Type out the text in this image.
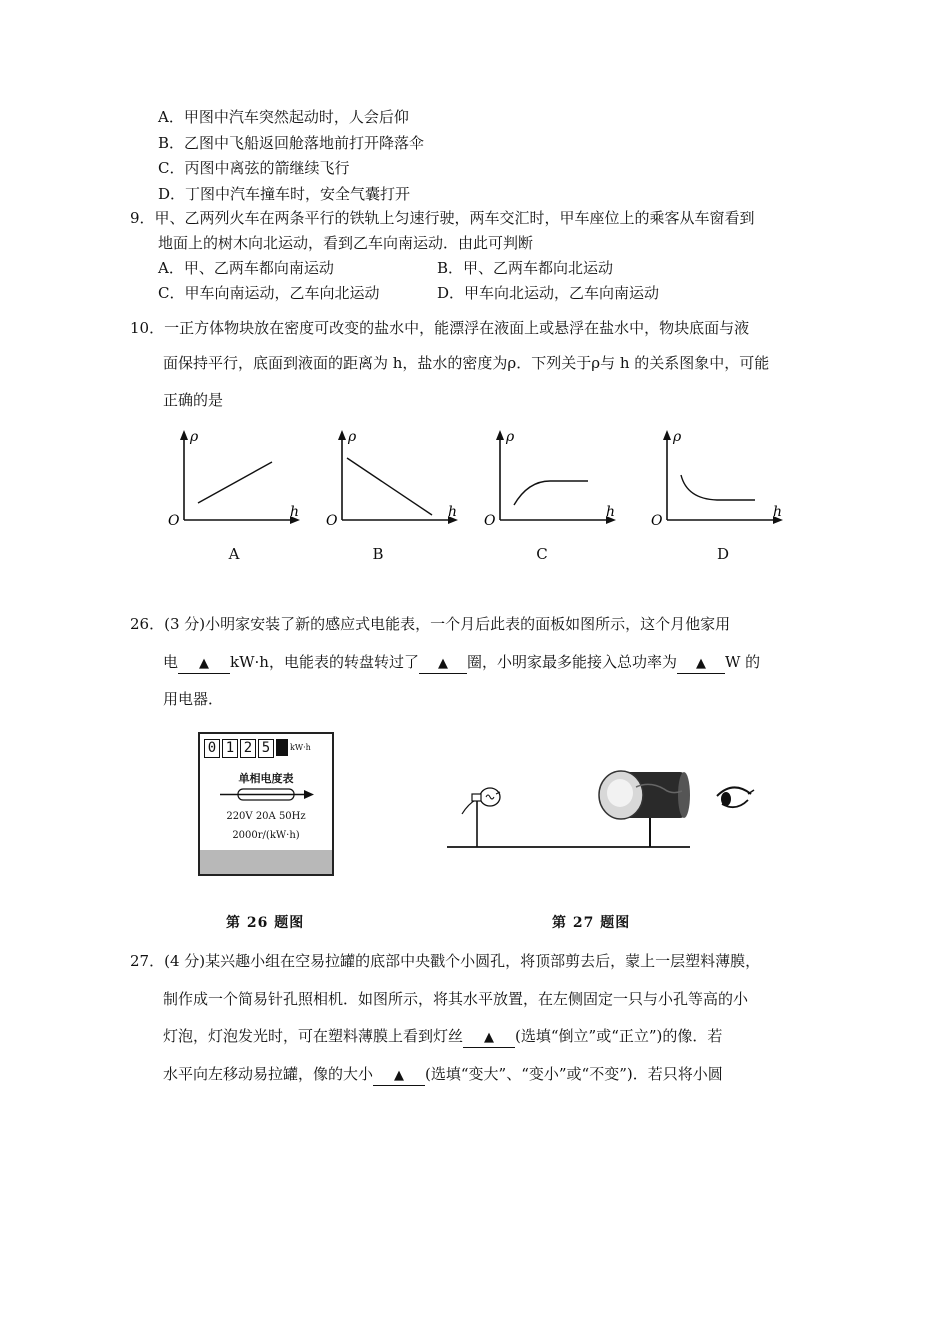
A．甲图中汽车突然起动时，人会后仰
B．乙图中飞船返回舱落地前打开降落伞
C．丙图中离弦的箭继续飞行
D．丁图中汽车撞车时，安全气囊打开
9．甲、乙两列火车在两条平行的铁轨上匀速行驶，两车交汇时，甲车座位上的乘客从车窗看到
地面上的树木向北运动，看到乙车向南运动．由此可判断
A．甲、乙两车都向南运动	B．甲、乙两车都向北运动
C．甲车向南运动，乙车向北运动	D．甲车向北运动，乙车向南运动
10．一正方体物块放在密度可改变的盐水中，能漂浮在液面上或悬浮在盐水中，物块底面与液
面保持平行，底面到液面的距离为 h，盐水的密度为ρ．下列关于ρ与 h 的关系图象中，可能
正确的是
ρ
h
O
A
ρ
h
O
B
ρ
h
O
C
ρ
h
O
D
26．(3 分)小明家安装了新的感应式电能表，一个月后此表的面板如图所示，这个月他家用
电 ▲ kW·h，电能表的转盘转过了 ▲ 圈，小明家最多能接入总功率为 ▲ W 的
用电器．
0 1 2 5	kW·h
单相电度表
220V 20A 50Hz
2000r/(kW·h)
第 26 题图	第 27 题图
27．(4 分)某兴趣小组在空易拉罐的底部中央戳个小圆孔，将顶部剪去后，蒙上一层塑料薄膜，
制作成一个简易针孔照相机．如图所示，将其水平放置，在左侧固定一只与小孔等高的小
灯泡，灯泡发光时，可在塑料薄膜上看到灯丝 ▲ (选填“倒立”或“正立”)的像．若
水平向左移动易拉罐，像的大小 ▲ (选填“变大”、“变小”或“不变”)．若只将小圆
